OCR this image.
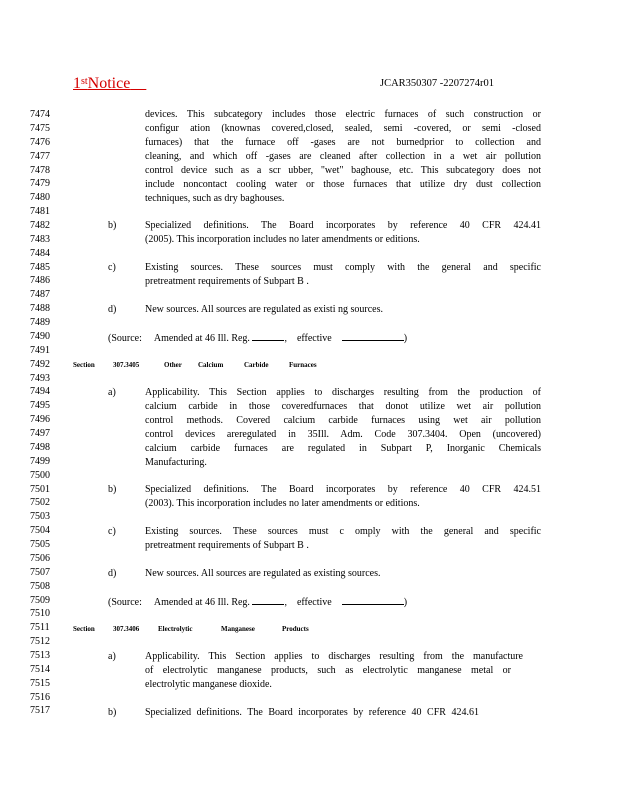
1stNotice	JCAR350307 -2207274r01
7474
7475
7476
7477
7478
7479
7480
7481
7482
7483
7484
7485
7486
7487
7488
7489
7490
7491
7492
7493
7494
7495
7496
7497
7498
7499
7500
7501
7502
7503
7504
7505
7506
7507
7508
7509
7510
7511
7512
7513
7514
7515
7516
7517
devices. This subcategory includes those electric furnaces of such construction or
configur ation (knownas covered,closed, sealed, semi -covered, or semi -closed
furnaces) that the furnace off -gases are not burnedprior to collection and
cleaning, and which off -gases are cleaned after collection in a wet air pollution
control device such as a scr ubber, "wet" baghouse, etc. This subcategory does not
include noncontact cooling water or those furnaces that utilize dry dust collection
techniques, such as dry baghouses.
b)	Specialized definitions. The Board incorporates by reference 40 CFR 424.41
(2005). This incorporation includes no later amendments or editions.
c)	Existing sources. These sources must comply with the general and specific
pretreatment requirements of Subpart B .
d)	New sources. All sources are regulated as existi ng sources.
(Source: Amended at 46 Ill. Reg.	,    effective	)
Section	307.3405	Other Calcium	Carbide	Furnaces
a)	Applicability. This Section applies to discharges resulting from the production of
calcium carbide in those coveredfurnaces that donot utilize wet air pollution
control methods. Covered calcium carbide furnaces using wet air pollution
control devices areregulated in 35Ill. Adm. Code 307.3404. Open (uncovered)
calcium carbide furnaces are regulated in Subpart P, Inorganic Chemicals
Manufacturing.
b)	Specialized definitions. The Board incorporates by reference 40 CFR 424.51
(2003). This incorporation includes no later amendments or editions.
c)	Existing sources. These sources must c omply with the general and specific
pretreatment requirements of Subpart B .
d)	New sources. All sources are regulated as existing sources.
(Source: Amended at 46 Ill. Reg.	,    effective	)
Section	307.3406	Electrolytic	Manganese	Products
a)	Applicability. This Section applies to discharges resulting from the manufacture
of electrolytic manganese products, such as electrolytic manganese metal or
electrolytic manganese dioxide.
b)	Specialized definitions. The Board incorporates by reference 40 CFR 424.61
